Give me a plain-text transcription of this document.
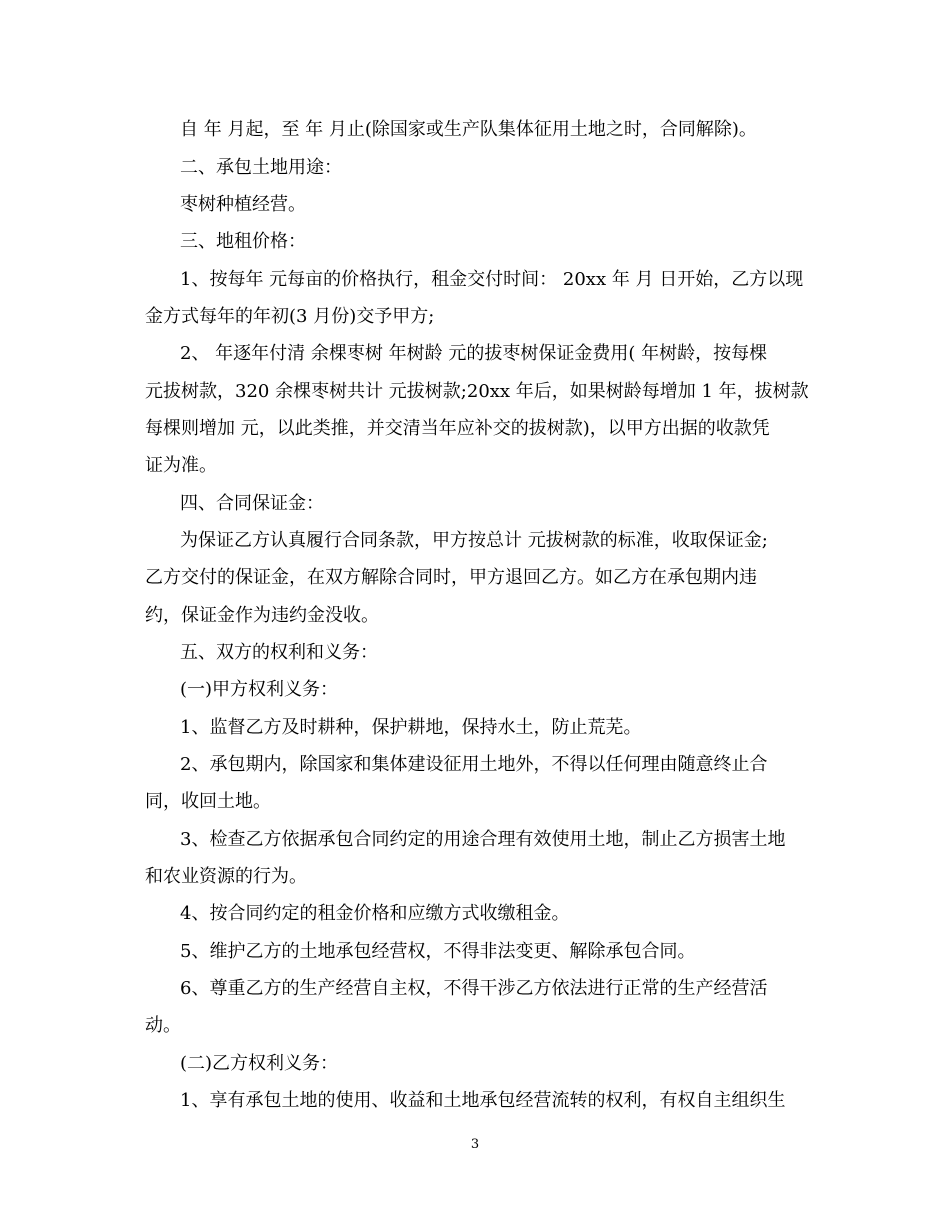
自 年 月起，至 年 月止(除国家或生产队集体征用土地之时，合同解除)。
二、承包土地用途：
枣树种植经营。
三、地租价格：
1、按每年 元每亩的价格执行，租金交付时间： 20xx 年 月 日开始，乙方以现
金方式每年的年初(3 月份)交予甲方;
2、 年逐年付清 余棵枣树 年树龄 元的拔枣树保证金费用( 年树龄，按每棵
元拔树款，320 余棵枣树共计 元拔树款;20xx 年后，如果树龄每增加 1 年，拔树款
每棵则增加 元，以此类推，并交清当年应补交的拔树款)，以甲方出据的收款凭
证为准。
四、合同保证金：
为保证乙方认真履行合同条款，甲方按总计 元拔树款的标准，收取保证金;
乙方交付的保证金，在双方解除合同时，甲方退回乙方。如乙方在承包期内违
约，保证金作为违约金没收。
五、双方的权利和义务：
(一)甲方权利义务：
1、监督乙方及时耕种，保护耕地，保持水土，防止荒芜。
2、承包期内，除国家和集体建设征用土地外，不得以任何理由随意终止合
同，收回土地。
3、检查乙方依据承包合同约定的用途合理有效使用土地，制止乙方损害土地
和农业资源的行为。
4、按合同约定的租金价格和应缴方式收缴租金。
5、维护乙方的土地承包经营权，不得非法变更、解除承包合同。
6、尊重乙方的生产经营自主权，不得干涉乙方依法进行正常的生产经营活
动。
(二)乙方权利义务：
1、享有承包土地的使用、收益和土地承包经营流转的权利，有权自主组织生
3
